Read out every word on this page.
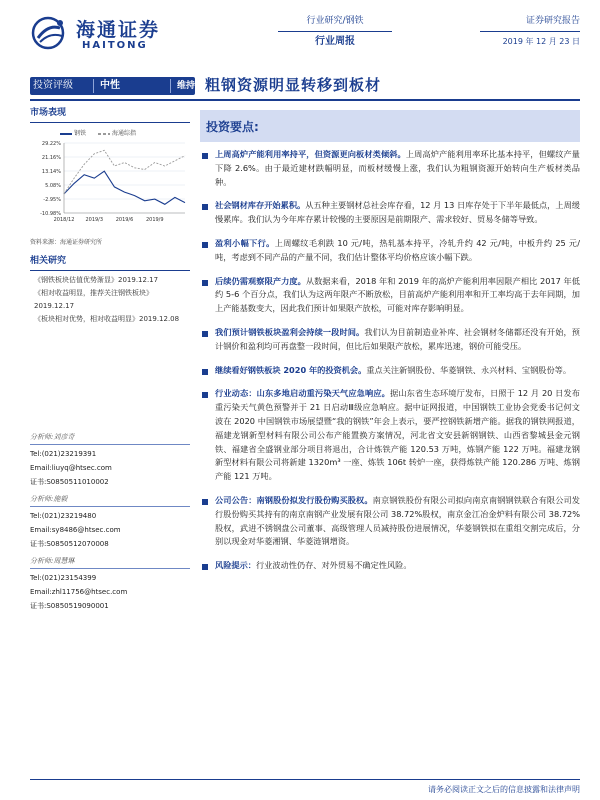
海通证券
HAITONG
行业研究/钢铁
行业周报
证券研究报告
2019 年 12 月 23 日
投资评级	中性	维持 粗钢资源明显转移到板材
市场表现
29.22%
21.16%
13.14%
5.08%
-2.95%
-10.98%
2018/12 2019/3	2019/6	2019/9
钢铁	海通综指
资料来源：海通证券研究所
相关研究
《钢铁板块估值优势渐显》2019.12.17
《相对收益明显，推荐关注钢铁板块》2019.12.17
《板块相对优势，相对收益明显》2019.12.08
分析师:刘彦奇
Tel:(021)23219391
Email:liuyq@htsec.com
证书:S0850511010002
分析师:施毅
Tel:(021)23219480
Email:sy8486@htsec.com
证书:S0850512070008
分析师:周慧琳
Tel:(021)23154399
Email:zhl11756@htsec.com
证书:S0850519090001
投资要点:

上周高炉产能利用率持平，但资源更向板材类倾斜。上周高炉产能利用率环比基本持平，但螺纹产量下降 2.6%。由于最近建材跌幅明显，而板材缓慢上涨，我们认为粗钢资源开始转向生产板材类品种。

社会钢材库存开始累积。从五种主要钢材总社会库存看，12 月 13 日库存处于下半年最低点，上周缓慢累库。我们认为今年库存累计较慢的主要原因是前期限产、需求较好、贸易冬储等导致。

盈利小幅下行。上周螺纹毛利跌 10 元/吨，热轧基本持平，冷轧升约 42 元/吨，中板升约 25 元/吨，考虑到不同产品的产量不同，我们估计整体平均价格应该小幅下跌。

后续仍需观察限产力度。从数据来看，2018 年和 2019 年的高炉产能利用率因限产相比 2017 年低约 5-6 个百分点，我们认为这两年限产不断放松，目前高炉产能利用率和开工率均高于去年同期，加上产能基数变大，因此我们预计如果限产放松，可能对库存影响明显。

我们预计钢铁板块盈利会持续一段时间。我们认为目前制造业补库、社会钢材冬储都还没有开始，预计钢价和盈利均可再盘整一段时间，但比后如果限产放松，累库迅速，钢价可能受压。

继续看好钢铁板块 2020 年的投资机会。重点关注新钢股份、华菱钢铁、永兴材料、宝钢股份等。

行业动态：山东多地启动重污染天气应急响应。据山东省生态环境厅发布，日照于 12 月 20 日发布重污染天气黄色预警并于 21 日启动Ⅲ级应急响应。据中证网报道，中国钢铁工业协会党委书记何文波在 2020 中国钢铁市场展望暨“我的钢铁”年会上表示，要严控钢铁新增产能。据我的钢铁网报道，福建龙钢新型材料有限公司公布产能置换方案情况，河北省文安县新钢钢铁、山西省黎城县金元钢铁、福建省全盛钢业部分项目将退出，合计炼铁产能 120.53 万吨，炼钢产能 122 万吨。福建龙钢新型材料有限公司将新建 1320m³ 一座、炼铁 106t 转炉一座，获得炼铁产能 120.286 万吨、炼钢产能 121 万吨。

公司公告：南钢股份拟发行股份购买股权。南京钢铁股份有限公司拟向南京南钢钢铁联合有限公司发行股份购买其持有的南京南钢产业发展有限公司 38.72%股权，南京金江冶金炉料有限公司 38.72%股权，武进不锈钢盘公司董事、高级管理人员减持股份进展情况，华菱钢铁拟在重组交割完成后，分别以现金对华菱湘钢、华菱涟钢增资。

风险提示：行业波动性仍存、对外贸易不确定性风险。

请务必阅读正文之后的信息披露和法律声明
